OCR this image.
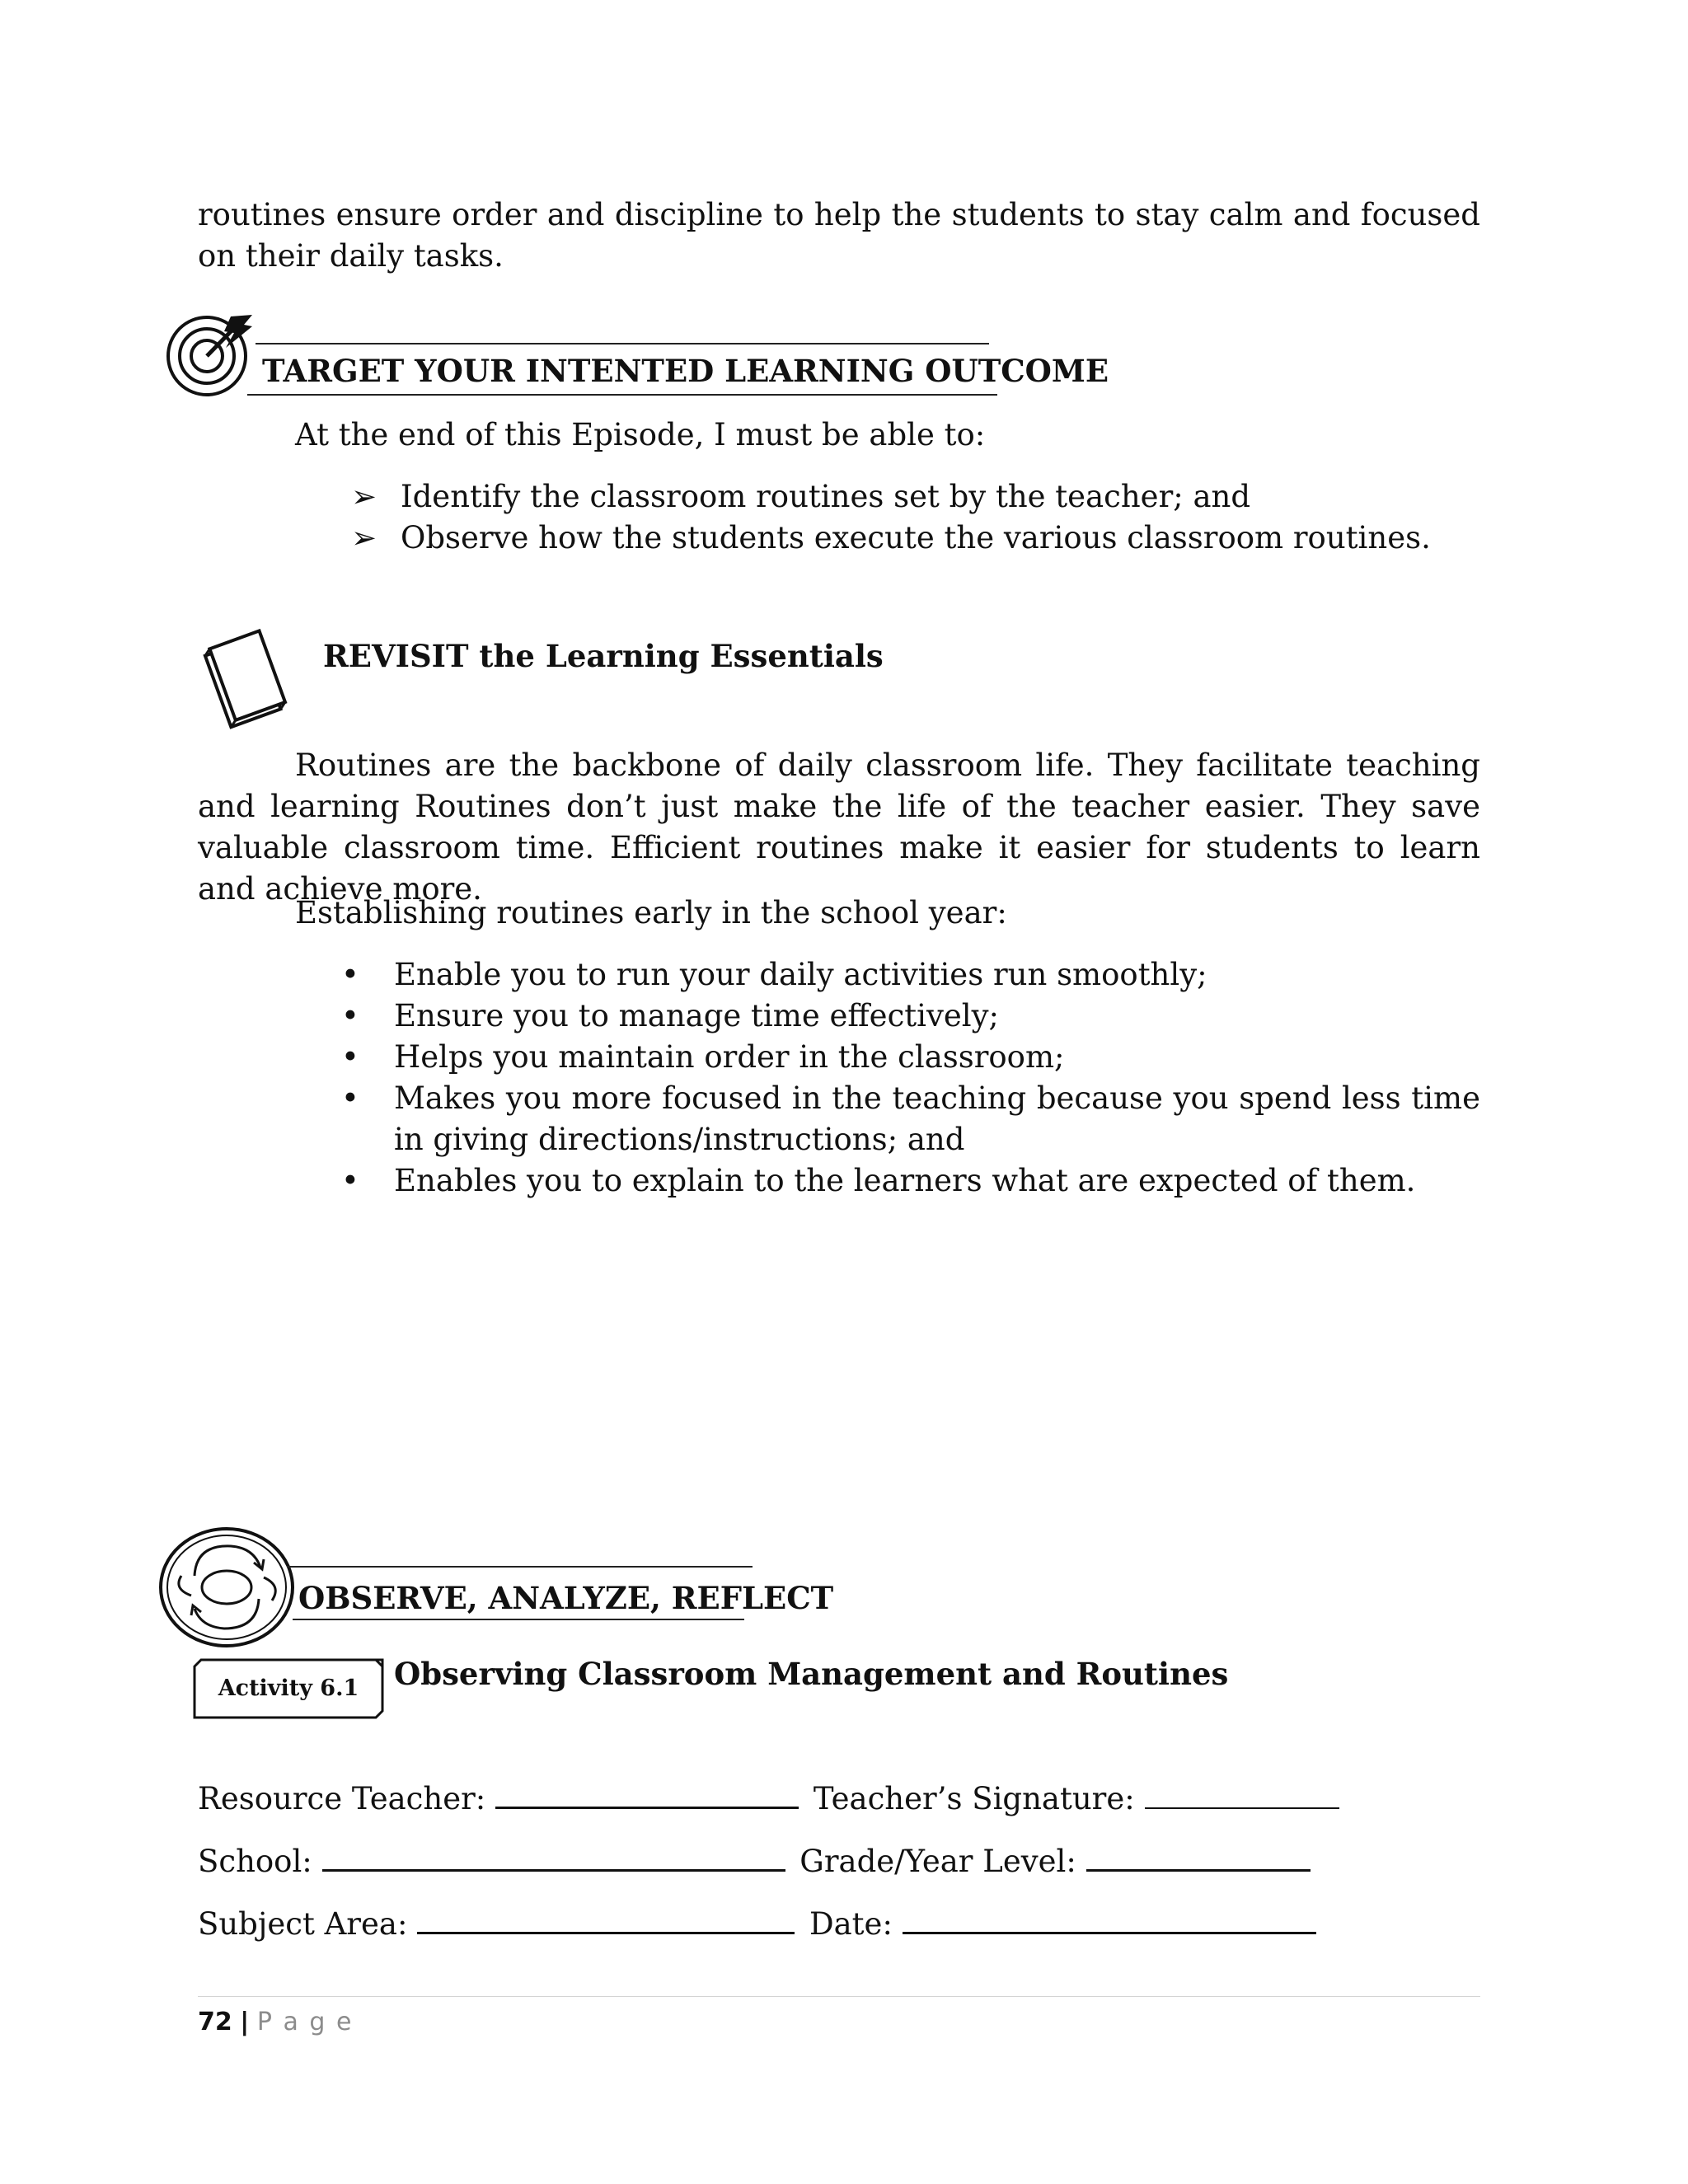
routines ensure order and discipline to help the students to stay calm and focused on their daily tasks.
TARGET YOUR INTENTED LEARNING OUTCOME
At the end of this Episode, I must be able to:
➢ Identify the classroom routines set by the teacher; and
➢ Observe how the students execute the various classroom routines.
REVISIT the Learning Essentials
Routines are the backbone of daily classroom life. They facilitate teaching and learning Routines don’t just make the life of the teacher easier. They save valuable classroom time. Efficient routines make it easier for students to learn and achieve more.
Establishing routines early in the school year:
• Enable you to run your daily activities run smoothly;
• Ensure you to manage time effectively;
• Helps you maintain order in the classroom;
• Makes you more focused in the teaching because you spend less time in giving directions/instructions; and
• Enables you to explain to the learners what are expected of them.
OBSERVE, ANALYZE, REFLECT
Activity 6.1	Observing Classroom Management and Routines
Resource Teacher:	Teacher’s Signature:
School:	Grade/Year Level:
Subject Area:	Date:
72 | P a g e
